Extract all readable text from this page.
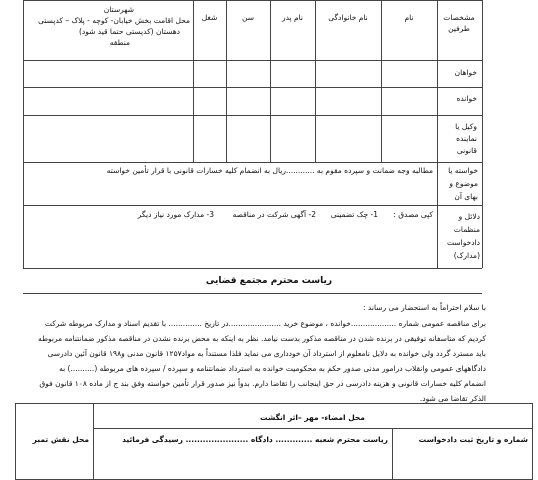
مشخصات
طرفین
نام
نام خانوادگی
نام پدر
سن
شغل
شهرستان
محل اقامت بخش خیابان- کوچه - پلاک – کدپستی
دهستان (کدپستی حتما قید شود)
منطقه
خواهان
خوانده
وکیل یا
نماینده
قانونی
خواسته یا
موضوع و
بهای آن
مطالبه وجه ضمانت و سپرده مقوم به ............ریال به انضمام کلیه خسارات قانونی با قرار تأمین خواسته
دلائل و
منظمات
دادخواست
(مدارک)
کپی مصدق :
1- چک تضمینی
2- آگهی شرکت در مناقصه
3- مدارک مورد نیاز دیگر
ریاست محترم مجتمع قضایی
با سلام احتراماً به استحضار می رساند :
برای مناقصه عمومی شماره ...................خوانده ، موضوع خرید ......................در تاریخ .............. با تقدیم اسناد و مدارک مربوطه شرکت
کردیم که متاسفانه توفیقی در برنده شدن در مناقصه مذکور بدست نیامد. نظر به اینکه به محض برنده نشدن در مناقصه مذکور ضمانتنامه مربوطه
باید مسترد گردد ولی خوانده به دلایل نامعلوم از استرداد آن خودداری می نماید فلذا مستنداً به مواد۱۲۵۷ قانون مدنی و۱۹۸ قانون آئین دادرسی
دادگاههای عمومی وانقلاب درامور مدنی صدور حکم به محکومیت خوانده به استرداد ضمانتنامه و سپرده / سپرده های مربوطه (..........) به
انضمام کلیه خسارات قانونی و هزینه دادرسی در حق اینجانب را تقاضا دارم. بدواً نیز صدور قرار تأمین خواسته وفق بند ج از ماده ۱۰۸ قانون فوق
الذکر تقاضا می شود.
محل نقش تمبر
محل امضاء- مهر –اثر انگشت
شماره و تاریخ ثبت دادخواست
ریاست محترم شعبه ............. دادگاه ...................... رسیدگی فرمائید
